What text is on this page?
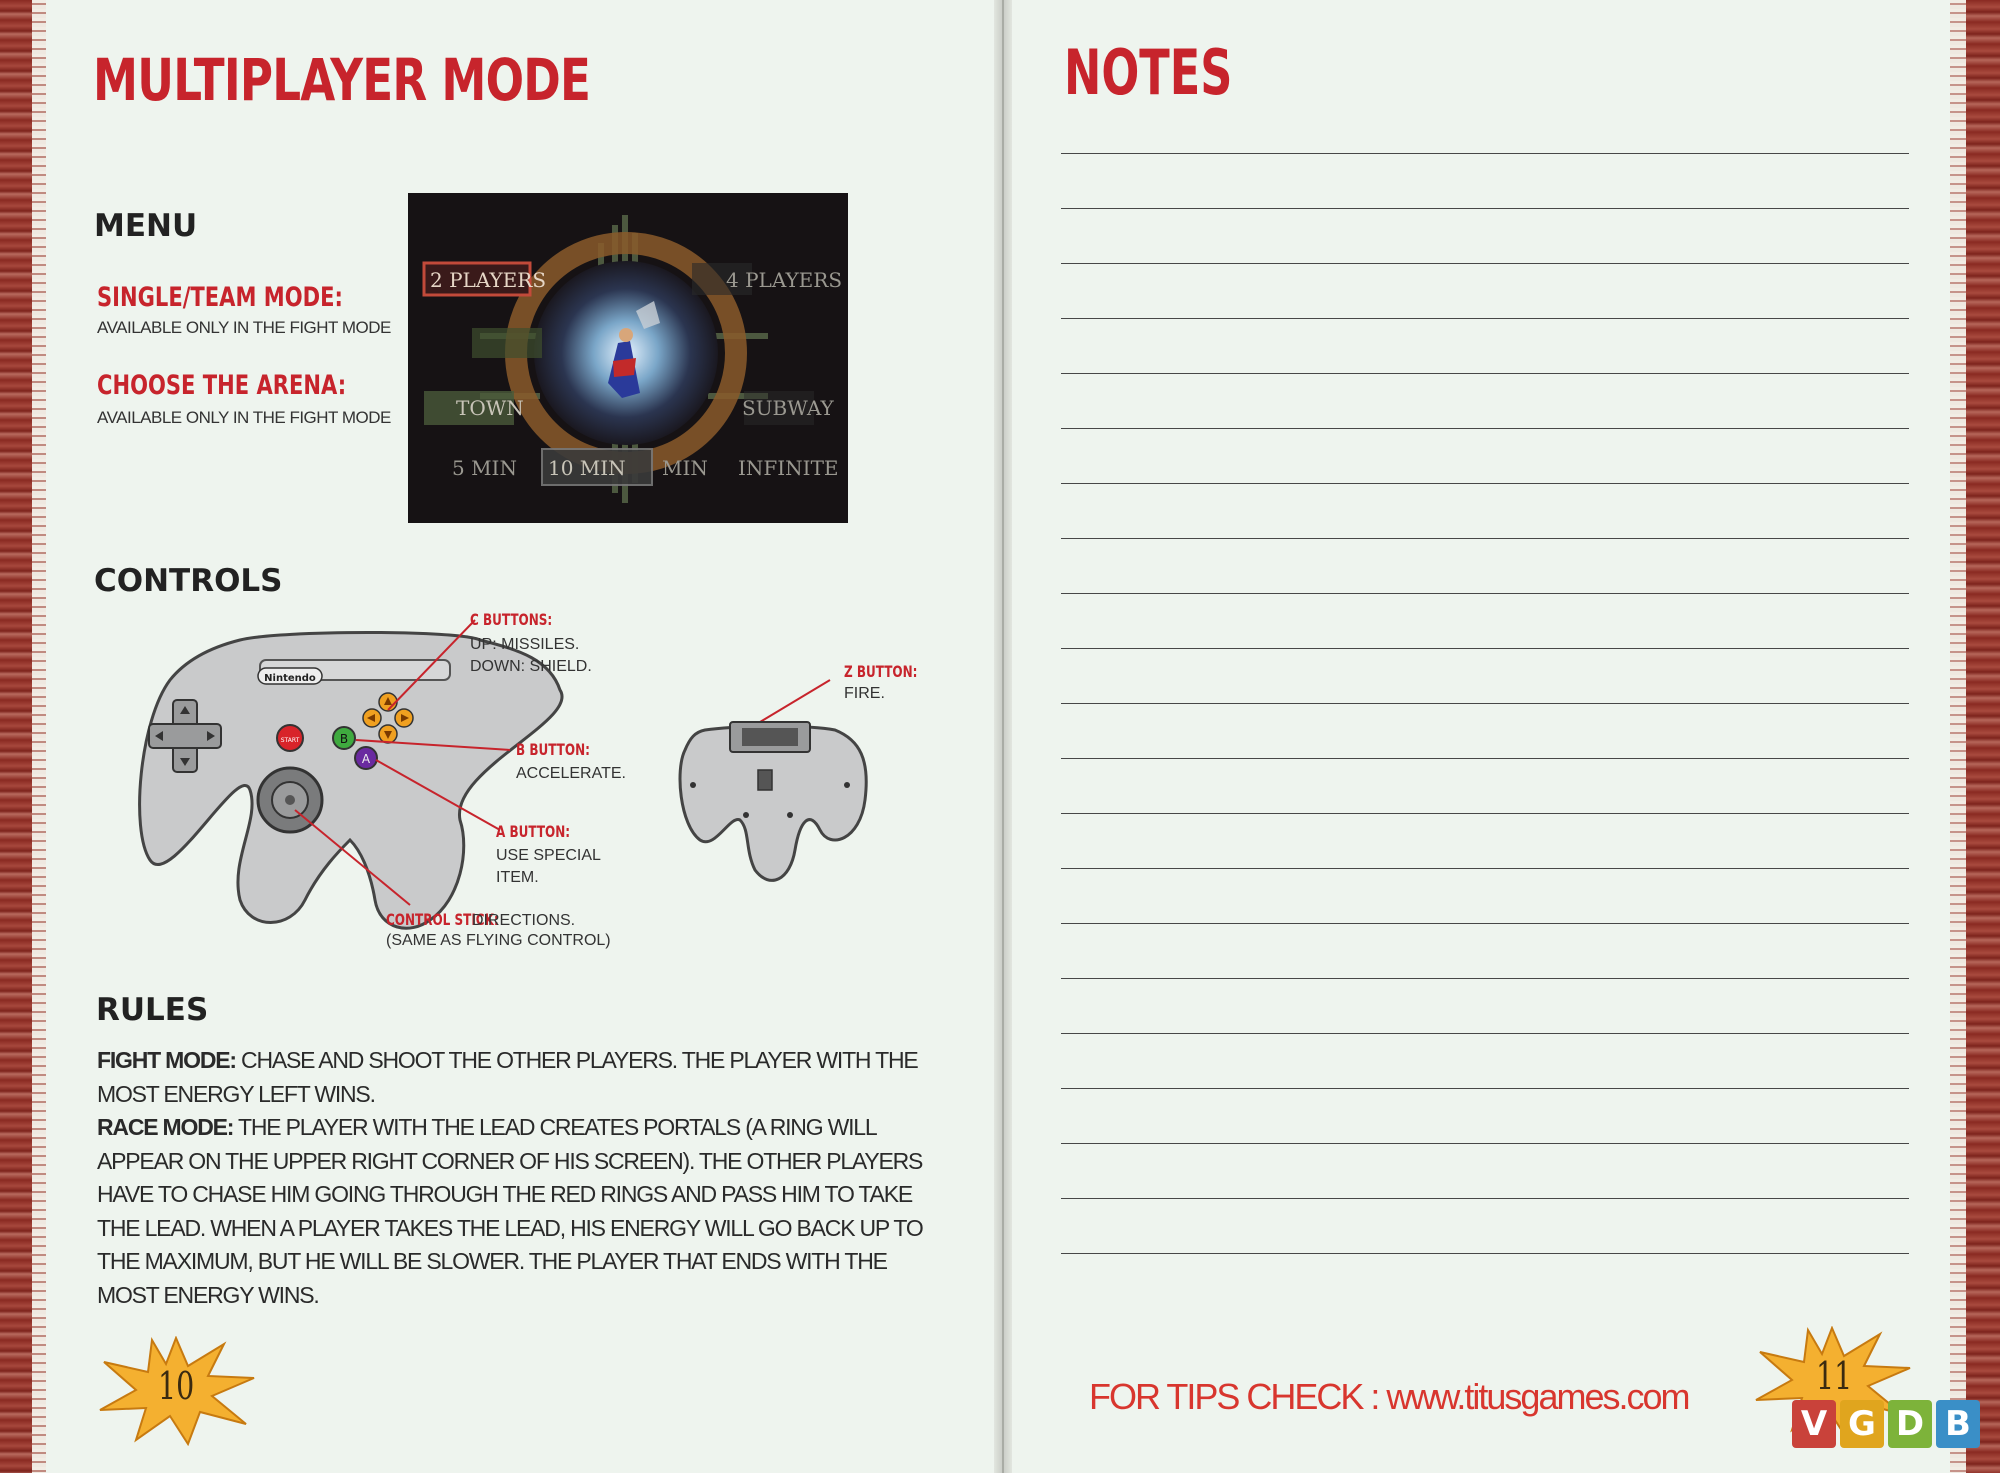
MULTIPLAYER MODE
MENU
SINGLE/TEAM MODE:
AVAILABLE ONLY IN THE FIGHT MODE
CHOOSE THE ARENA:
AVAILABLE ONLY IN THE FIGHT MODE
2 PLAYERS	4 PLAYERS
TOWN	SUBWAY
5 MIN 10 MIN MIN INFINITE
CONTROLS
Nintendo
START	B
A
C BUTTONS:
UP: MISSILES.
DOWN: SHIELD.	Z BUTTON:
FIRE.
B BUTTON:
ACCELERATE.
A BUTTON:
USE SPECIAL
ITEM.
CONTROL STICK:
DIRECTIONS.
(SAME AS FLYING CONTROL)
RULES

FIGHT MODE: CHASE AND SHOOT THE OTHER PLAYERS. THE PLAYER WITH THE MOST ENERGY LEFT WINS.

RACE MODE: THE PLAYER WITH THE LEAD CREATES PORTALS (A RING WILL APPEAR ON THE UPPER RIGHT CORNER OF HIS SCREEN). THE OTHER PLAYERS HAVE TO CHASE HIM GOING THROUGH THE RED RINGS AND PASS HIM TO TAKE THE LEAD. WHEN A PLAYER TAKES THE LEAD, HIS ENERGY WILL GO BACK UP TO THE MAXIMUM, BUT HE WILL BE SLOWER. THE PLAYER THAT ENDS WITH THE MOST ENERGY WINS.

10
NOTES

FOR TIPS CHECK : www.titusgames.com	11
V G D B
